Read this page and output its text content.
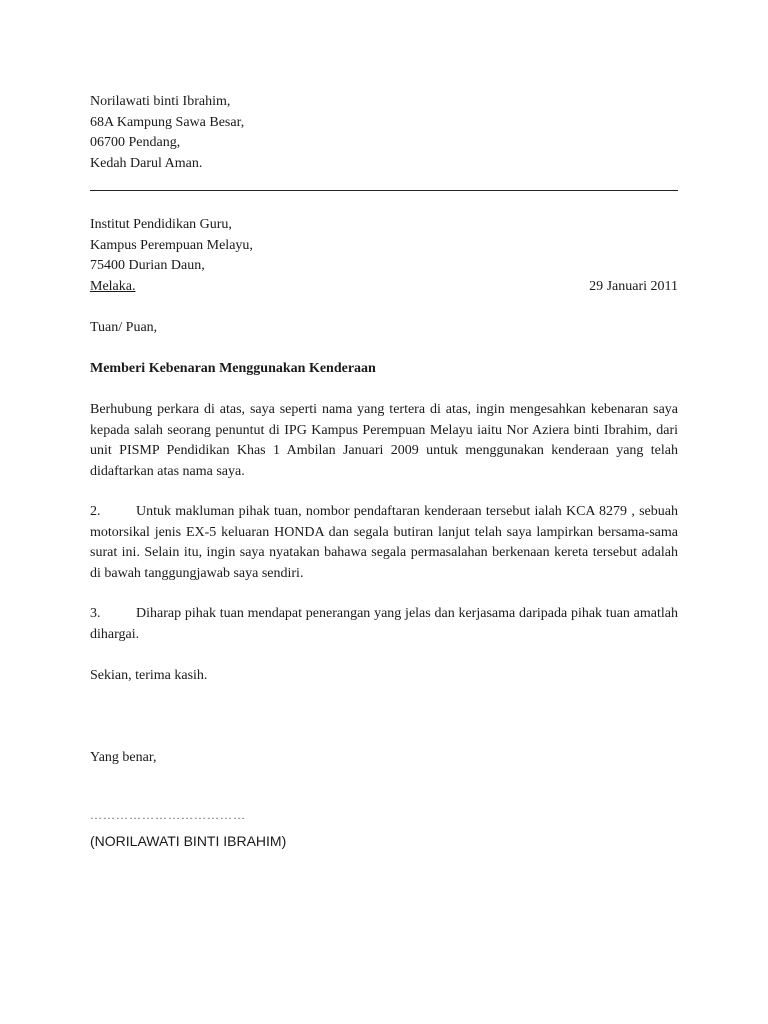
Norilawati binti Ibrahim,
68A Kampung Sawa Besar,
06700 Pendang,
Kedah Darul Aman.
Institut Pendidikan Guru,
Kampus Perempuan Melayu,
75400 Durian Daun,
Melaka.	29 Januari 2011
Tuan/ Puan,
Memberi Kebenaran Menggunakan Kenderaan
Berhubung perkara di atas, saya seperti nama yang tertera di atas, ingin mengesahkan kebenaran saya kepada salah seorang penuntut di IPG Kampus Perempuan Melayu iaitu Nor Aziera binti Ibrahim, dari unit PISMP Pendidikan Khas 1 Ambilan Januari 2009 untuk menggunakan kenderaan yang telah didaftarkan atas nama saya.
2.	Untuk makluman pihak tuan, nombor pendaftaran kenderaan tersebut ialah KCA 8279 , sebuah motorsikal jenis EX-5 keluaran HONDA dan segala butiran lanjut telah saya lampirkan bersama-sama surat ini. Selain itu, ingin saya nyatakan bahawa segala permasalahan berkenaan kereta tersebut adalah di bawah tanggungjawab saya sendiri.
3.	Diharap pihak tuan mendapat penerangan yang jelas dan kerjasama daripada pihak tuan amatlah dihargai.
Sekian, terima kasih.
Yang benar,
………………………………
(NORILAWATI BINTI IBRAHIM)
